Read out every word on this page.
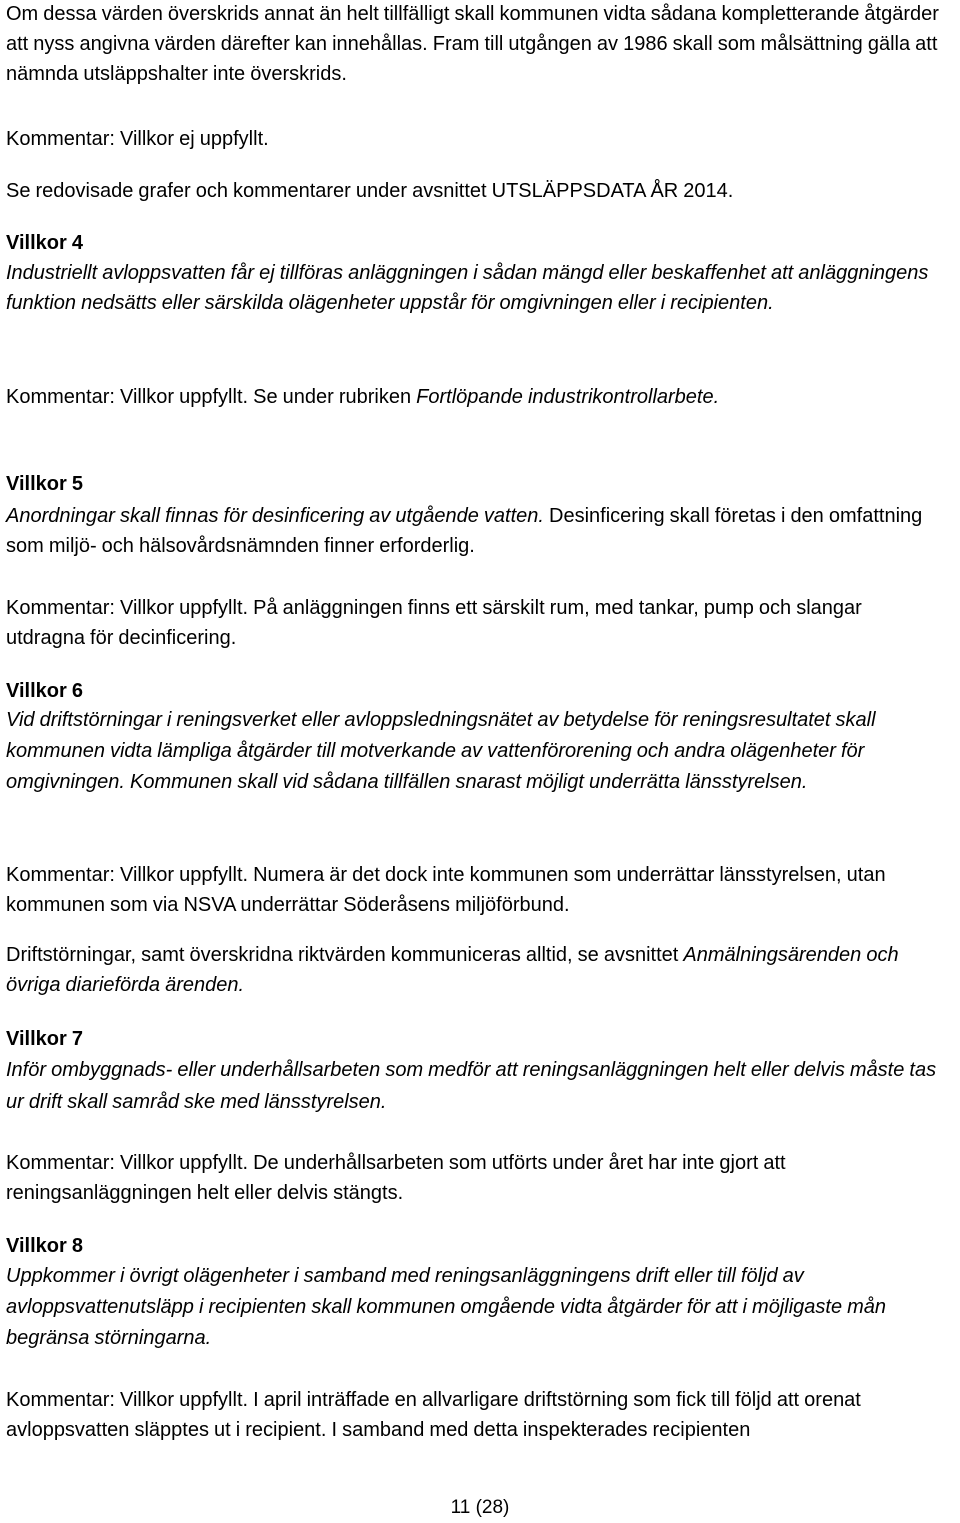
Om dessa värden överskrids annat än helt tillfälligt skall kommunen vidta sådana kompletterande åtgärder att nyss angivna värden därefter kan innehållas. Fram till utgången av 1986 skall som målsättning gälla att nämnda utsläppshalter inte överskrids.

Kommentar: Villkor ej uppfyllt.

Se redovisade grafer och kommentarer under avsnittet UTSLÄPPSDATA ÅR 2014.

Villkor 4

Industriellt avloppsvatten får ej tillföras anläggningen i sådan mängd eller beskaffenhet att anläggningens funktion nedsätts eller särskilda olägenheter uppstår för omgivningen eller i recipienten.

Kommentar: Villkor uppfyllt. Se under rubriken Fortlöpande industrikontrollarbete.

Villkor 5

Anordningar skall finnas för desinficering av utgående vatten. Desinficering skall företas i den omfattning som miljö- och hälsovårdsnämnden finner erforderlig.

Kommentar: Villkor uppfyllt. På anläggningen finns ett särskilt rum, med tankar, pump och slangar utdragna för decinficering.

Villkor 6

Vid driftstörningar i reningsverket eller avloppsledningsnätet av betydelse för reningsresultatet skall kommunen vidta lämpliga åtgärder till motverkande av vattenförorening och andra olägenheter för omgivningen. Kommunen skall vid sådana tillfällen snarast möjligt underrätta länsstyrelsen.

Kommentar: Villkor uppfyllt. Numera är det dock inte kommunen som underrättar länsstyrelsen, utan kommunen som via NSVA underrättar Söderåsens miljöförbund.

Driftstörningar, samt överskridna riktvärden kommuniceras alltid, se avsnittet Anmälningsärenden och övriga diarieförda ärenden.

Villkor 7

Inför ombyggnads- eller underhållsarbeten som medför att reningsanläggningen helt eller delvis måste tas ur drift skall samråd ske med länsstyrelsen.

Kommentar: Villkor uppfyllt. De underhållsarbeten som utförts under året har inte gjort att reningsanläggningen helt eller delvis stängts.

Villkor 8

Uppkommer i övrigt olägenheter i samband med reningsanläggningens drift eller till följd av avloppsvattenutsläpp i recipienten skall kommunen omgående vidta åtgärder för att i möjligaste mån begränsa störningarna.

Kommentar: Villkor uppfyllt. I april inträffade en allvarligare driftstörning som fick till följd att orenat avloppsvatten släpptes ut i recipient. I samband med detta inspekterades recipienten

11 (28)
